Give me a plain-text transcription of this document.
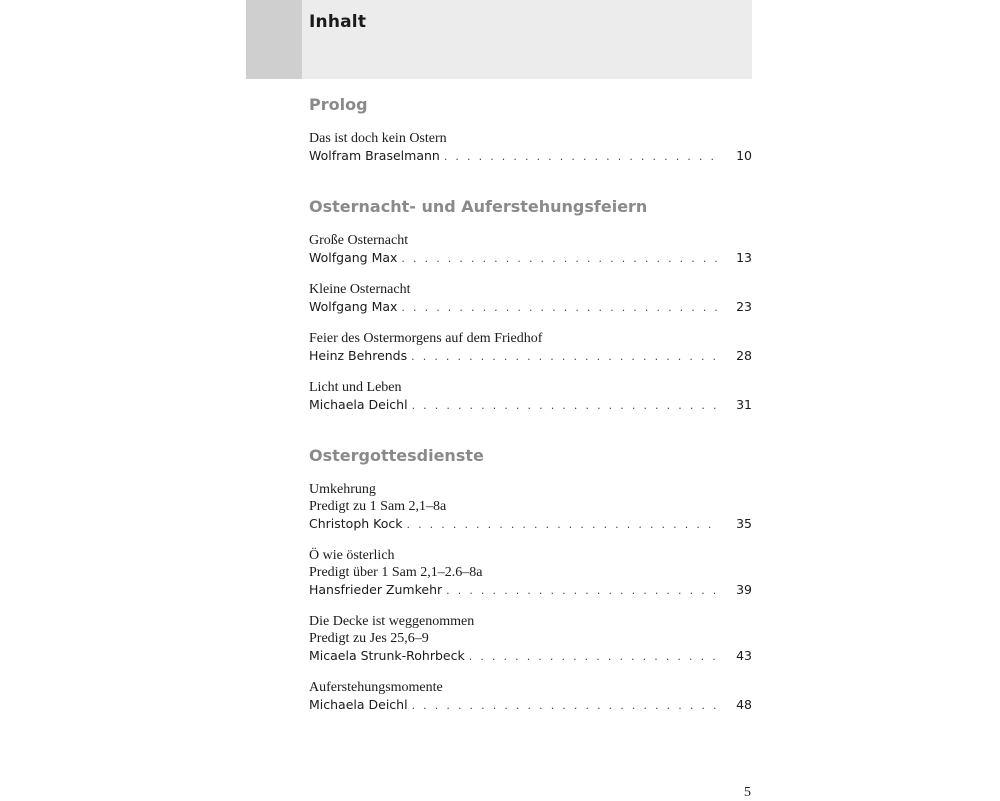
Inhalt
Prolog
Das ist doch kein Ostern
Wolfram Braselmann . . .	10
Osternacht- und Auferstehungsfeiern
Große Osternacht
Wolfgang Max . . .	13
Kleine Osternacht
Wolfgang Max . . .	23
Feier des Ostermorgens auf dem Friedhof
Heinz Behrends . . .	28
Licht und Leben
Michaela Deichl . . .	31
Ostergottesdienste
Umkehrung
Predigt zu 1 Sam 2,1–8a
Christoph Kock . . .	35
Ö wie österlich
Predigt über 1 Sam 2,1–2.6–8a
Hansfrieder Zumkehr . . .	39
Die Decke ist weggenommen
Predigt zu Jes 25,6–9
Micaela Strunk-Rohrbeck . . .	43
Auferstehungsmomente
Michaela Deichl . . .	48
5
